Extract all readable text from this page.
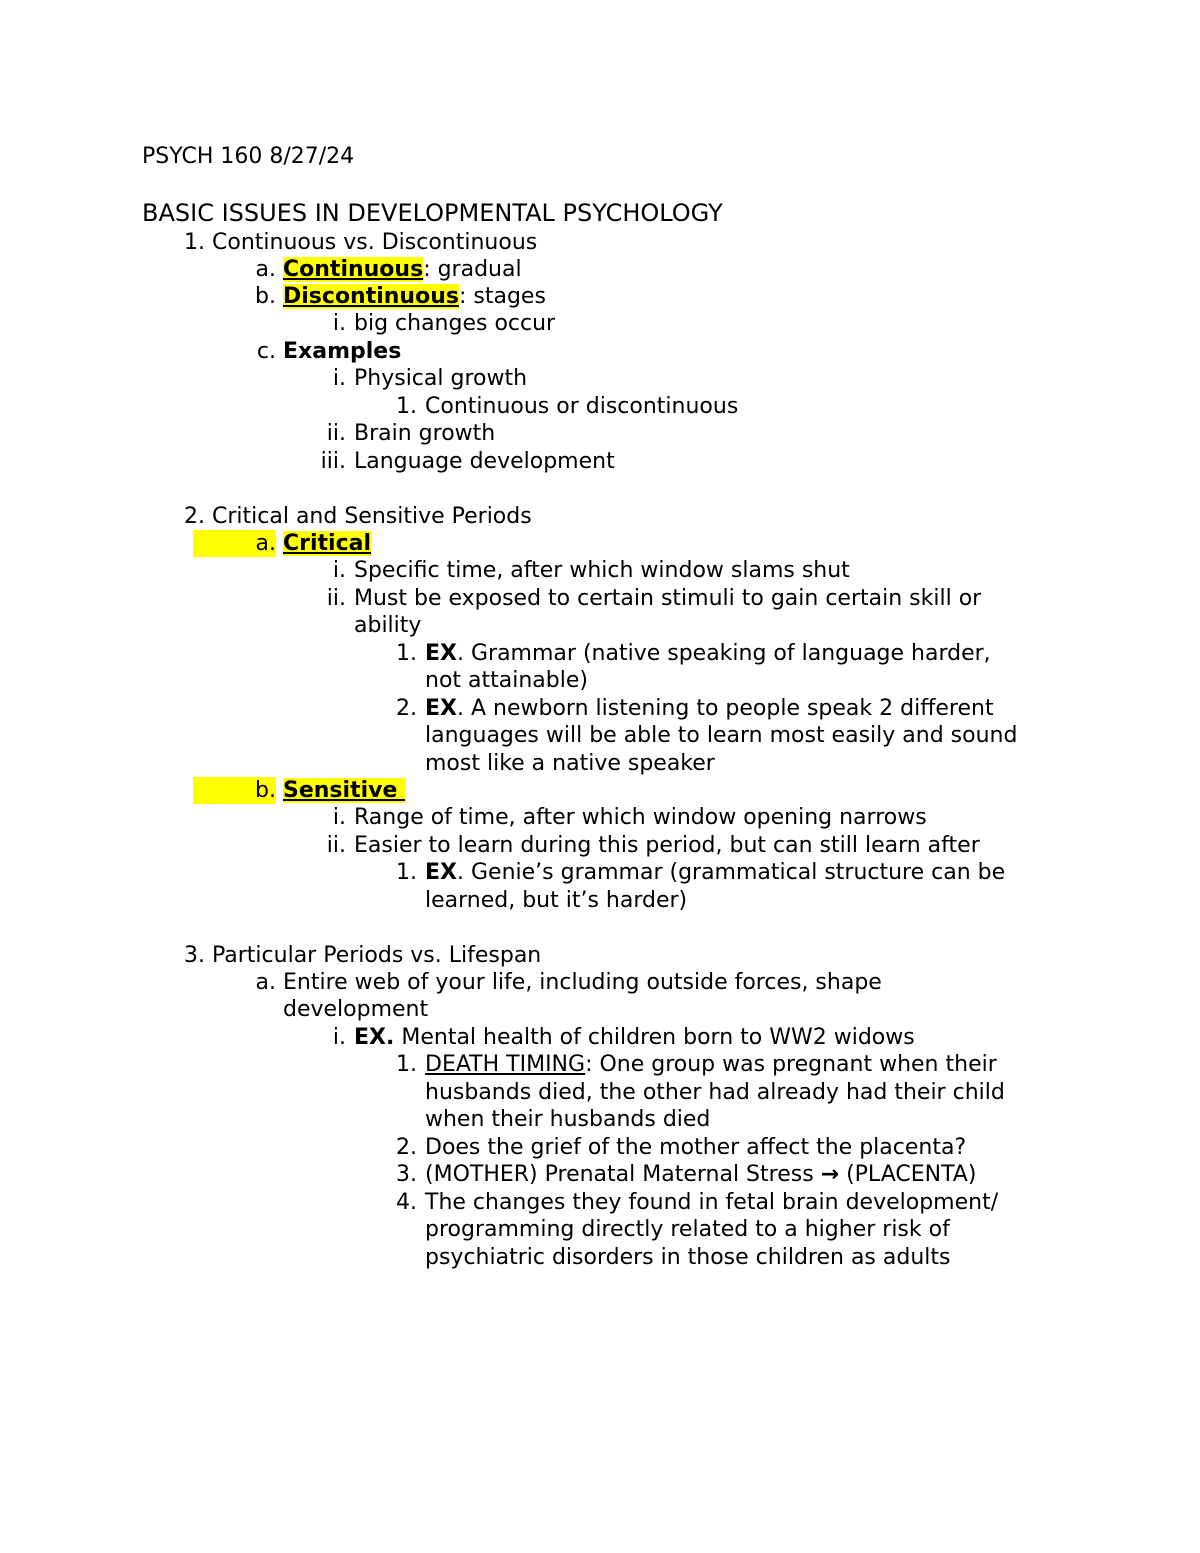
PSYCH 160 8/27/24
BASIC ISSUES IN DEVELOPMENTAL PSYCHOLOGY
1. Continuous vs. Discontinuous
a. Continuous: gradual
b. Discontinuous: stages
i. big changes occur
c. Examples
i. Physical growth
1. Continuous or discontinuous
ii. Brain growth
iii. Language development
2. Critical and Sensitive Periods
a. Critical
i. Specific time, after which window slams shut
ii. Must be exposed to certain stimuli to gain certain skill or
ability
1. EX. Grammar (native speaking of language harder,
not attainable)
2. EX. A newborn listening to people speak 2 different
languages will be able to learn most easily and sound
most like a native speaker
b. Sensitive
i. Range of time, after which window opening narrows
ii. Easier to learn during this period, but can still learn after
1. EX. Genie’s grammar (grammatical structure can be
learned, but it’s harder)
3. Particular Periods vs. Lifespan
a. Entire web of your life, including outside forces, shape
development
i. EX. Mental health of children born to WW2 widows
1. DEATH TIMING: One group was pregnant when their
husbands died, the other had already had their child
when their husbands died
2. Does the grief of the mother affect the placenta?
3. (MOTHER) Prenatal Maternal Stress → (PLACENTA)
4. The changes they found in fetal brain development/
programming directly related to a higher risk of
psychiatric disorders in those children as adults
